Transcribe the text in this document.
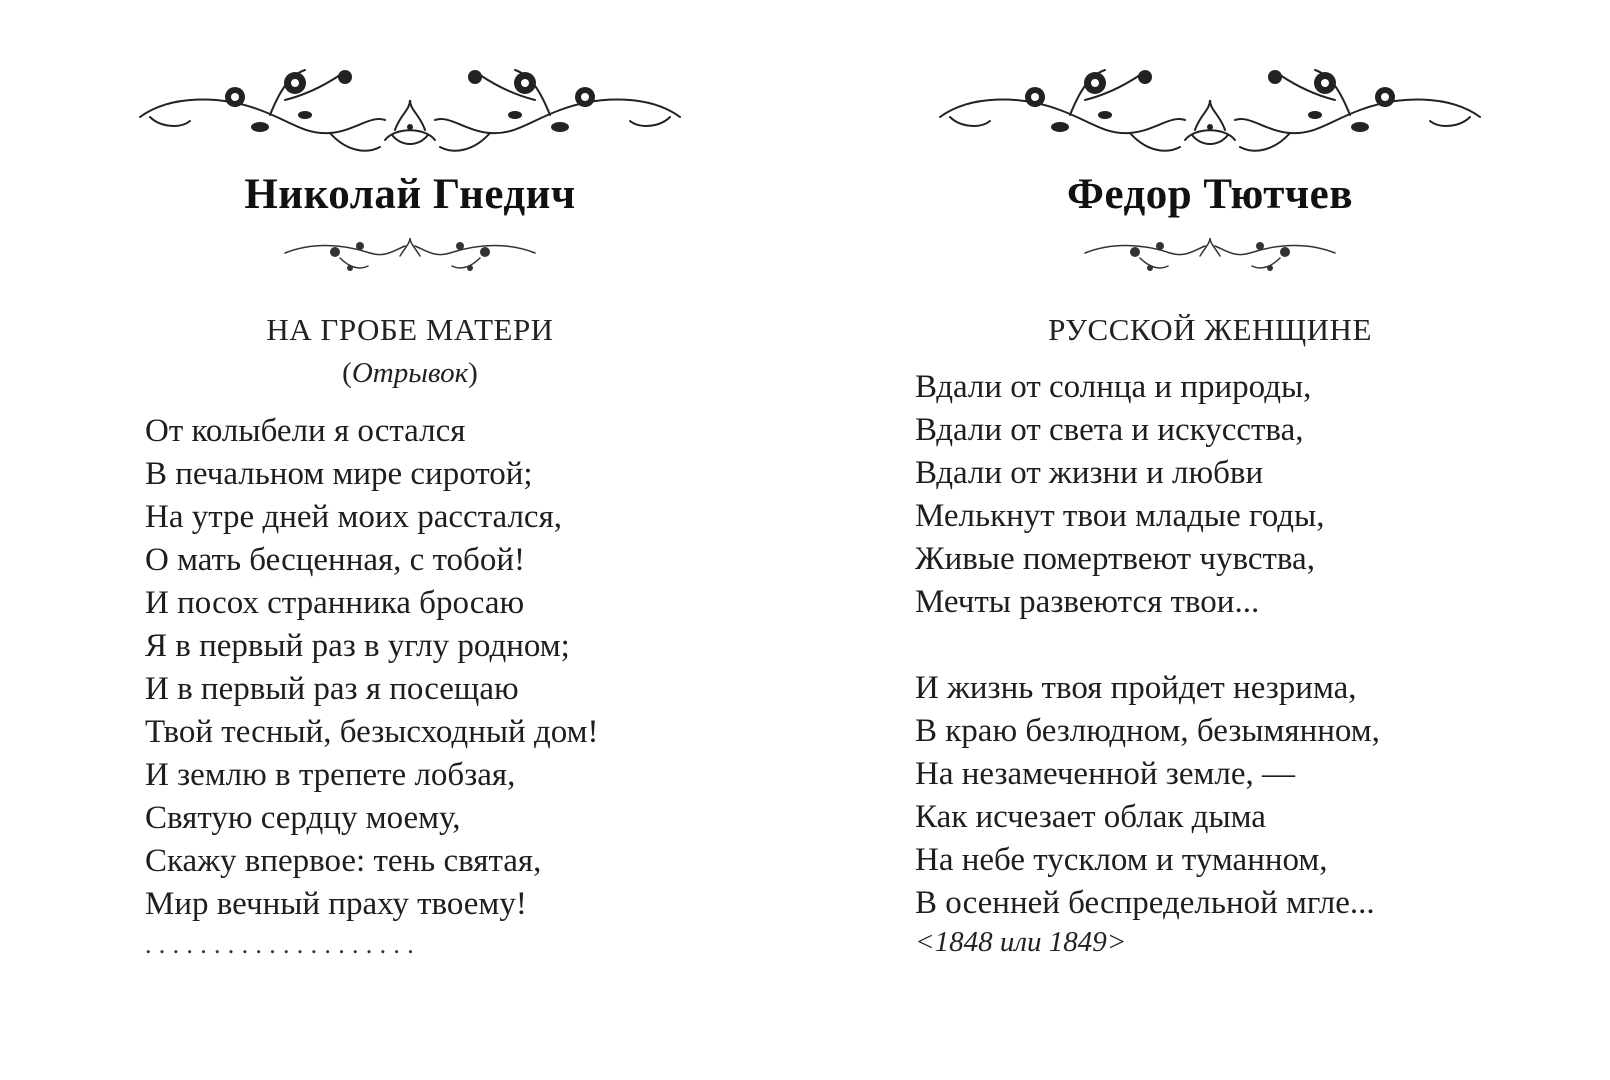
Николай Гнедич
НА ГРОБЕ МАТЕРИ
(Отрывок)
От колыбели я остался
В печальном мире сиротой;
На утре дней моих расстался,
О мать бесценная, с тобой!
И посох странника бросаю
Я в первый раз в углу родном;
И в первый раз я посещаю
Твой тесный, безысходный дом!
И землю в трепете лобзая,
Святую сердцу моему,
Скажу впервое: тень святая,
Мир вечный праху твоему!
....................
Федор Тютчев
РУССКОЙ ЖЕНЩИНЕ
Вдали от солнца и природы,
Вдали от света и искусства,
Вдали от жизни и любви
Мелькнут твои младые годы,
Живые помертвеют чувства,
Мечты развеются твои...
И жизнь твоя пройдет незрима,
В краю безлюдном, безымянном,
На незамеченной земле, —
Как исчезает облак дыма
На небе тусклом и туманном,
В осенней беспредельной мгле...
<1848 или 1849>
